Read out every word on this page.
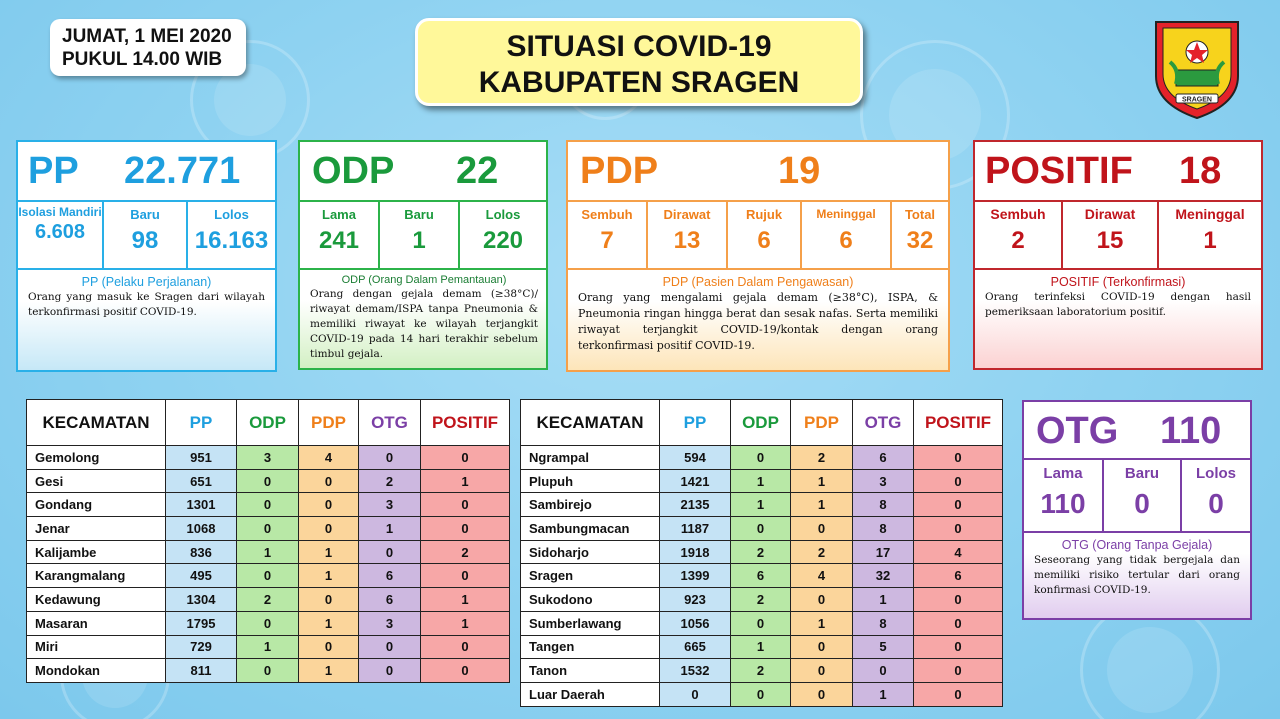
JUMAT, 1 MEI 2020
PUKUL 14.00 WIB	SITUASI COVID-19
KABUPATEN SRAGEN
SRAGEN
PP 22.771
Isolasi Mandiri
6.608
Baru
98
Lolos
16.163
PP (Pelaku Perjalanan)
Orang yang masuk ke Sragen dari wilayah terkonfirmasi positif COVID-19.
ODP 22
Lama
241
Baru
1
Lolos
220
ODP (Orang Dalam Pemantauan)
Orang dengan gejala demam (≥38°C)/ riwayat demam/ISPA tanpa Pneumonia & memiliki riwayat ke wilayah terjangkit COVID-19 pada 14 hari terakhir sebelum timbul gejala.
PDP	19
Sembuh
7
Dirawat
13
Rujuk
6
Meninggal
6
Total
32
PDP (Pasien Dalam Pengawasan)
Orang yang mengalami gejala demam (≥38°C), ISPA, & Pneumonia ringan hingga berat dan sesak nafas. Serta memiliki riwayat terjangkit COVID-19/kontak dengan orang terkonfirmasi positif COVID-19.
POSITIF 18
Sembuh
2
Dirawat
15
Meninggal
1
POSITIF (Terkonfirmasi)
Orang terinfeksi COVID-19 dengan hasil pemeriksaan laboratorium positif.
OTG 110
Lama
110
Baru
0
Lolos
0
OTG (Orang Tanpa Gejala)
Seseorang yang tidak bergejala dan memiliki risiko tertular dari orang konfirmasi COVID-19.
KECAMATAN	PP	ODP	PDP	OTG	POSITIF
Gemolong	951	3	4	0	0
Gesi	651	0	0	2	1
Gondang	1301	0	0	3	0
Jenar	1068	0	0	1	0
Kalijambe	836	1	1	0	2
Karangmalang	495	0	1	6	0
Kedawung	1304	2	0	6	1
Masaran	1795	0	1	3	1
Miri	729	1	0	0	0
Mondokan	811	0	1	0	0
KECAMATAN	PP	ODP	PDP	OTG	POSITIF
Ngrampal	594	0	2	6	0
Plupuh	1421	1	1	3	0
Sambirejo	2135	1	1	8	0
Sambungmacan	1187	0	0	8	0
Sidoharjo	1918	2	2	17	4
Sragen	1399	6	4	32	6
Sukodono	923	2	0	1	0
Sumberlawang	1056	0	1	8	0
Tangen	665	1	0	5	0
Tanon	1532	2	0	0	0
Luar Daerah	0	0	0	1	0
